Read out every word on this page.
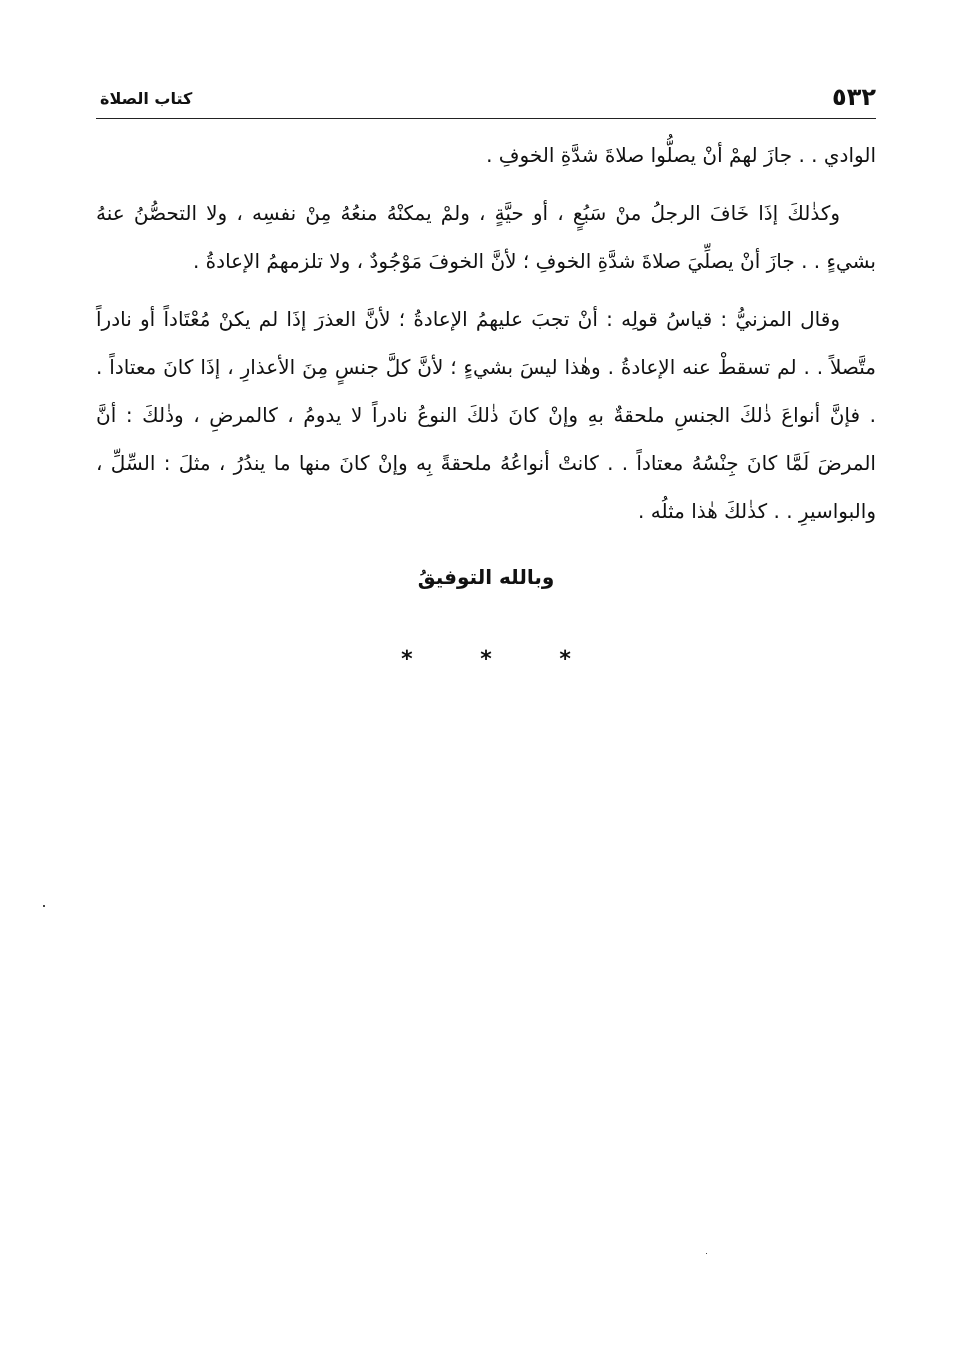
٥٣٢
كتاب الصلاة

الوادي . . جازَ لهمْ أنْ يصلُّوا صلاةَ شدَّةِ الخوفِ .

وكذٰلكَ إذَا خَافَ الرجلُ منْ سَبُعٍ ، أو حيَّةٍ ، ولمْ يمكنْهُ منعُهُ مِنْ نفسِه ، ولا التحصُّنُ عنهُ بشيءٍ . . جازَ أنْ يصلِّيَ صلاةَ شدَّةِ الخوفِ ؛ لأنَّ الخوفَ مَوْجُودٌ ، ولا تلزمهمُ الإعادةُ .

وقال المزنيُّ : قياسُ قولِه : أنْ تجبَ عليهمُ الإعادةُ ؛ لأنَّ العذرَ إذَا لم يكنْ مُعْتَاداً أو نادراً متَّصلاً . . لم تسقطْ عنه الإعادةُ . وهٰذا ليسَ بشيءٍ ؛ لأنَّ كلَّ جنسٍ مِنَ الأعذارِ ، إذَا كانَ معتاداً . . فإنَّ أنواعَ ذٰلكَ الجنسِ ملحقةٌ بهِ وإنْ كانَ ذٰلكَ النوعُ نادراً لا يدومُ ، كالمرضِ ، وذٰلكَ : أنَّ المرضَ لَمَّا كانَ جِنْسُهُ معتاداً . . كانتْ أنواعُهُ ملحقةً بِه وإنْ كانَ منها ما يندُرُ ، مثلَ : السِّلِّ ، والبواسيرِ . . كذٰلكَ هٰذا مثلُه .

وبالله التوفيقُ
* * *
